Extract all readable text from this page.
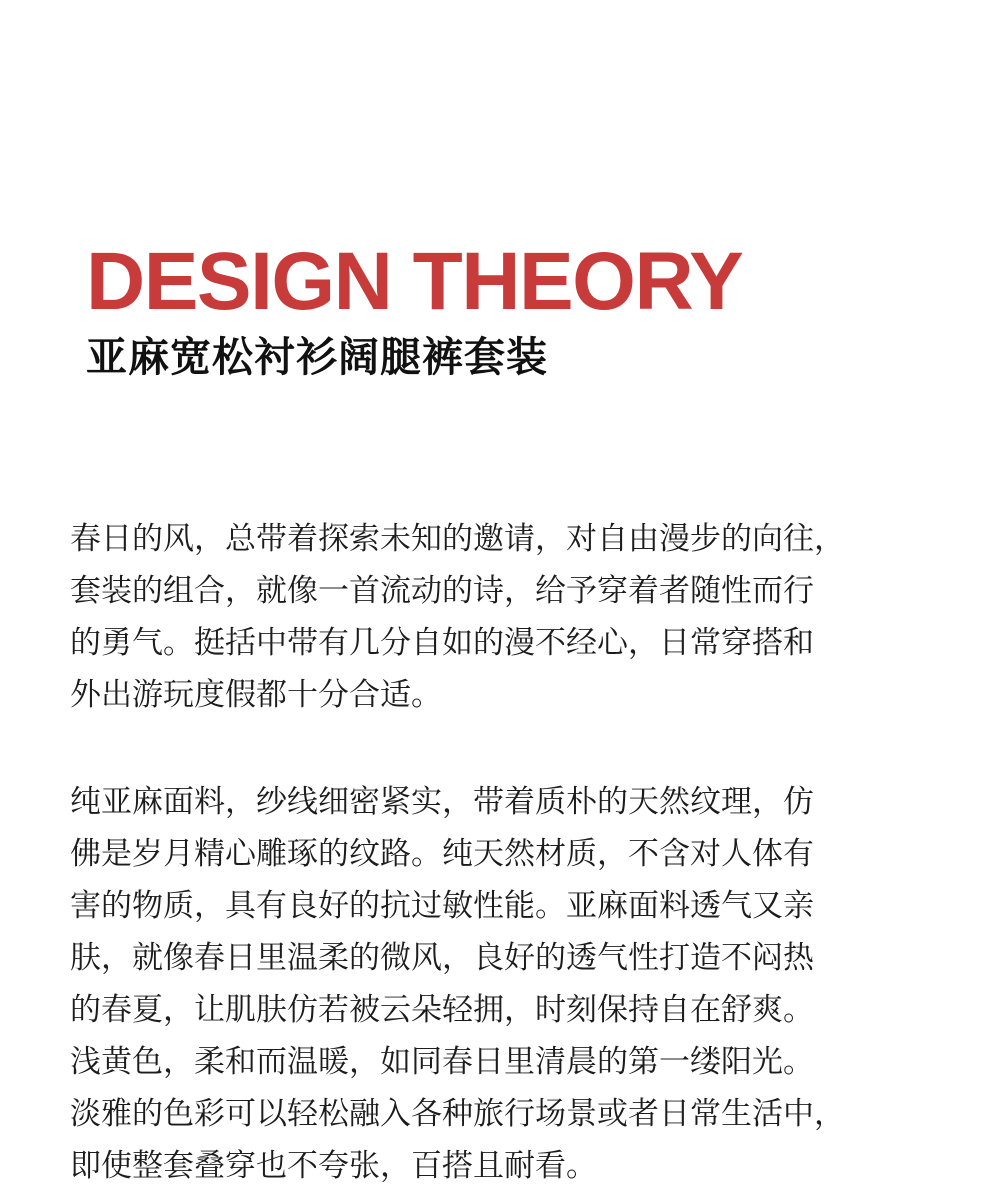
DESIGN THEORY
亚麻宽松衬衫阔腿裤套装

春日的风，总带着探索未知的邀请，对自由漫步的向往，
套装的组合，就像一首流动的诗，给予穿着者随性而行
的勇气。挺括中带有几分自如的漫不经心，日常穿搭和
外出游玩度假都十分合适。

纯亚麻面料，纱线细密紧实，带着质朴的天然纹理，仿
佛是岁月精心雕琢的纹路。纯天然材质，不含对人体有
害的物质，具有良好的抗过敏性能。亚麻面料透气又亲
肤，就像春日里温柔的微风，良好的透气性打造不闷热
的春夏，让肌肤仿若被云朵轻拥，时刻保持自在舒爽。
浅黄色，柔和而温暖，如同春日里清晨的第一缕阳光。
淡雅的色彩可以轻松融入各种旅行场景或者日常生活中，
即使整套叠穿也不夸张，百搭且耐看。
